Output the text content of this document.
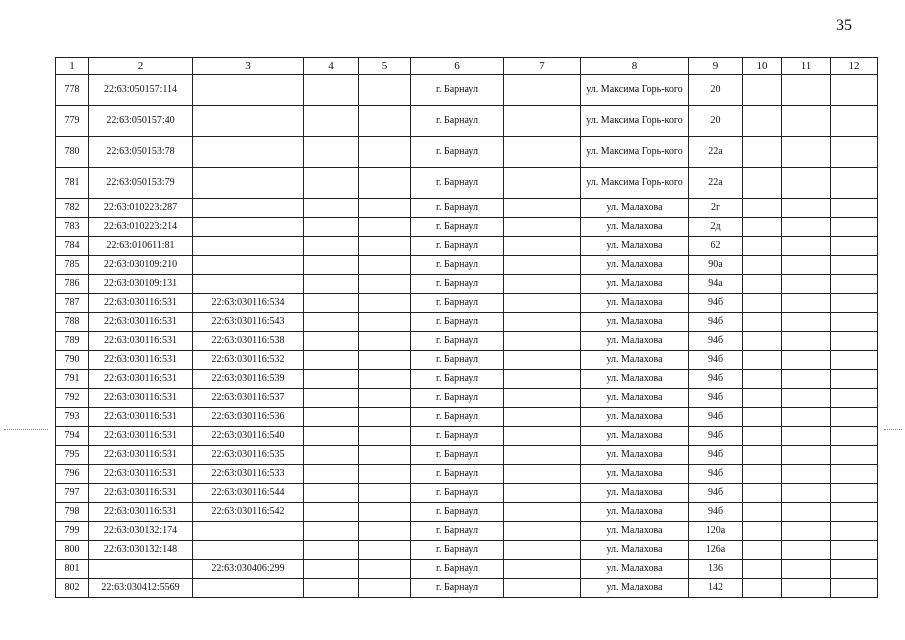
35
1	2	3	4	5	6	7	8	9	10	11	12
778	22:63:050157:114				г. Барнаул		ул. Максима Горь-кого	20			
779	22:63:050157:40				г. Барнаул		ул. Максима Горь-кого	20			
780	22:63:050153:78				г. Барнаул		ул. Максима Горь-кого	22а			
781	22:63:050153:79				г. Барнаул		ул. Максима Горь-кого	22а			
782	22:63:010223:287				г. Барнаул		ул. Малахова	2г			
783	22:63:010223:214				г. Барнаул		ул. Малахова	2д			
784	22:63:010611:81				г. Барнаул		ул. Малахова	62			
785	22:63:030109:210				г. Барнаул		ул. Малахова	90а			
786	22:63:030109:131				г. Барнаул		ул. Малахова	94а			
787	22:63:030116:531	22:63:030116:534			г. Барнаул		ул. Малахова	94б			
788	22:63:030116:531	22:63:030116:543			г. Барнаул		ул. Малахова	94б			
789	22:63:030116:531	22:63:030116:538			г. Барнаул		ул. Малахова	94б			
790	22:63:030116:531	22:63:030116:532			г. Барнаул		ул. Малахова	94б			
791	22:63:030116:531	22:63:030116:539			г. Барнаул		ул. Малахова	94б			
792	22:63:030116:531	22:63:030116:537			г. Барнаул		ул. Малахова	94б			
793	22:63:030116:531	22:63:030116:536			г. Барнаул		ул. Малахова	94б			
794	22:63:030116:531	22:63:030116:540			г. Барнаул		ул. Малахова	94б			
795	22:63:030116:531	22:63:030116:535			г. Барнаул		ул. Малахова	94б			
796	22:63:030116:531	22:63:030116:533			г. Барнаул		ул. Малахова	94б			
797	22:63:030116:531	22:63:030116:544			г. Барнаул		ул. Малахова	94б			
798	22:63:030116:531	22:63:030116:542			г. Барнаул		ул. Малахова	94б			
799	22:63:030132:174				г. Барнаул		ул. Малахова	120а			
800	22:63:030132:148				г. Барнаул		ул. Малахова	126а			
801		22:63:030406:299			г. Барнаул		ул. Малахова	136			
802	22:63:030412:5569				г. Барнаул		ул. Малахова	142			
